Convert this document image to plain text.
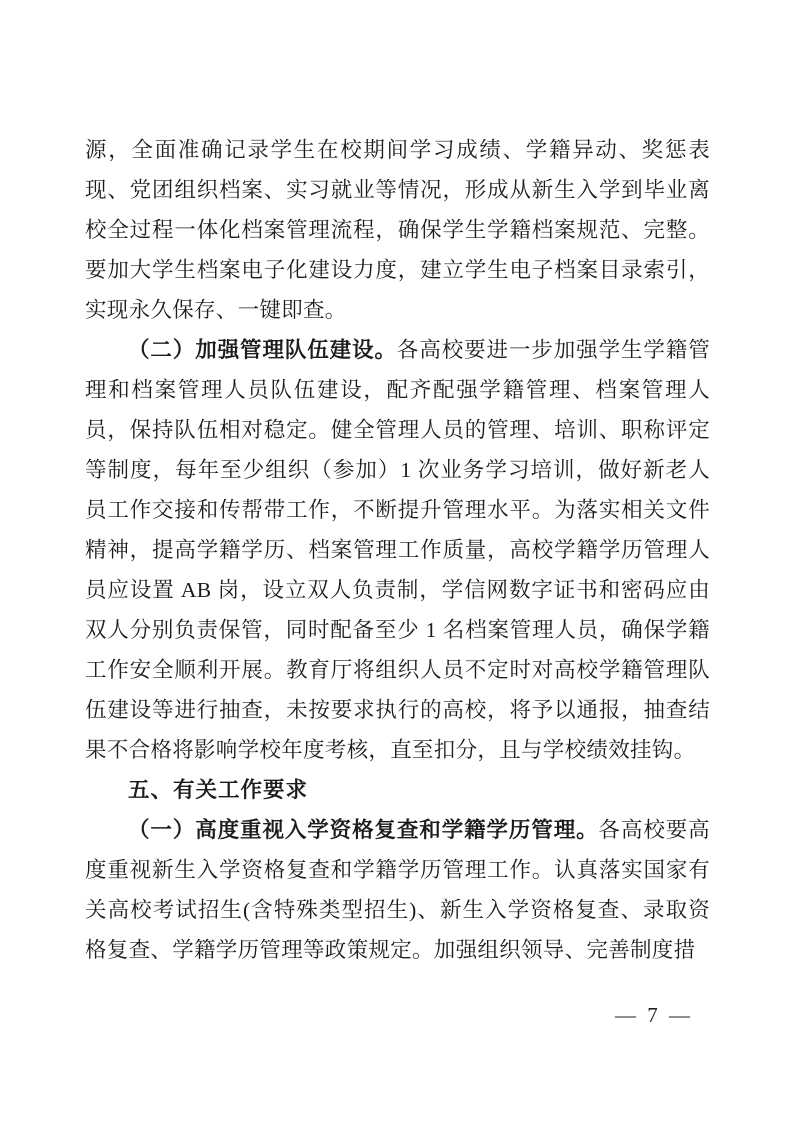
源，全面准确记录学生在校期间学习成绩、学籍异动、奖惩表现、党团组织档案、实习就业等情况，形成从新生入学到毕业离校全过程一体化档案管理流程，确保学生学籍档案规范、完整。要加大学生档案电子化建设力度，建立学生电子档案目录索引，实现永久保存、一键即查。

（二）加强管理队伍建设。各高校要进一步加强学生学籍管理和档案管理人员队伍建设，配齐配强学籍管理、档案管理人员，保持队伍相对稳定。健全管理人员的管理、培训、职称评定等制度，每年至少组织（参加）1 次业务学习培训，做好新老人员工作交接和传帮带工作，不断提升管理水平。为落实相关文件精神，提高学籍学历、档案管理工作质量，高校学籍学历管理人员应设置 AB 岗，设立双人负责制，学信网数字证书和密码应由双人分别负责保管，同时配备至少 1 名档案管理人员，确保学籍工作安全顺利开展。教育厅将组织人员不定时对高校学籍管理队伍建设等进行抽查，未按要求执行的高校，将予以通报，抽查结果不合格将影响学校年度考核，直至扣分，且与学校绩效挂钩。

五、有关工作要求

（一）高度重视入学资格复查和学籍学历管理。各高校要高度重视新生入学资格复查和学籍学历管理工作。认真落实国家有关高校考试招生(含特殊类型招生)、新生入学资格复查、录取资格复查、学籍学历管理等政策规定。加强组织领导、完善制度措

— 7 —
